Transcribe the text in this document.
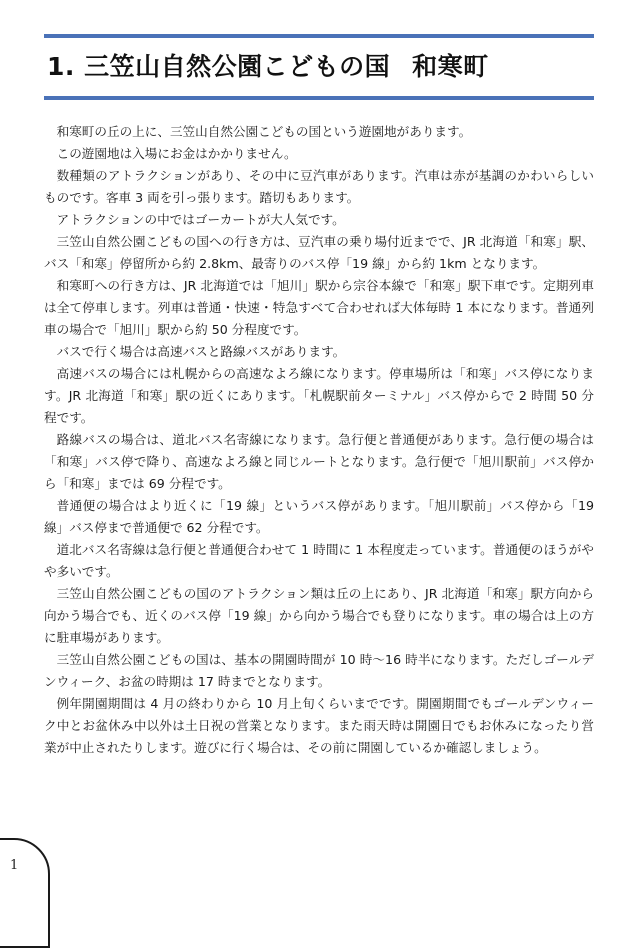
1. 三笠山自然公園こどもの国 和寒町

和寒町の丘の上に、三笠山自然公園こどもの国という遊園地があります。

この遊園地は入場にお金はかかりません。

数種類のアトラクションがあり、その中に豆汽車があります。汽車は赤が基調のかわいらしいものです。客車 3 両を引っ張ります。踏切もあります。

アトラクションの中ではゴーカートが大人気です。

三笠山自然公園こどもの国への行き方は、豆汽車の乗り場付近までで、JR 北海道「和寒」駅、バス「和寒」停留所から約 2.8km、最寄りのバス停「19 線」から約 1km となります。

和寒町への行き方は、JR 北海道では「旭川」駅から宗谷本線で「和寒」駅下車です。定期列車は全て停車します。列車は普通・快速・特急すべて合わせれば大体毎時 1 本になります。普通列車の場合で「旭川」駅から約 50 分程度です。

バスで行く場合は高速バスと路線バスがあります。

高速バスの場合には札幌からの高速なよろ線になります。停車場所は「和寒」バス停になります。JR 北海道「和寒」駅の近くにあります。「札幌駅前ターミナル」バス停からで 2 時間 50 分程です。

路線バスの場合は、道北バス名寄線になります。急行便と普通便があります。急行便の場合は「和寒」バス停で降り、高速なよろ線と同じルートとなります。急行便で「旭川駅前」バス停から「和寒」までは 69 分程です。

普通便の場合はより近くに「19 線」というバス停があります。「旭川駅前」バス停から「19 線」バス停まで普通便で 62 分程です。

道北バス名寄線は急行便と普通便合わせて 1 時間に 1 本程度走っています。普通便のほうがやや多いです。

三笠山自然公園こどもの国のアトラクション類は丘の上にあり、JR 北海道「和寒」駅方向から向かう場合でも、近くのバス停「19 線」から向かう場合でも登りになります。車の場合は上の方に駐車場があります。

三笠山自然公園こどもの国は、基本の開園時間が 10 時～16 時半になります。ただしゴールデンウィーク、お盆の時期は 17 時までとなります。

例年開園期間は 4 月の終わりから 10 月上旬くらいまでです。開園期間でもゴールデンウィーク中とお盆休み中以外は土日祝の営業となります。また雨天時は開園日でもお休みになったり営業が中止されたりします。遊びに行く場合は、その前に開園しているか確認しましょう。

1
